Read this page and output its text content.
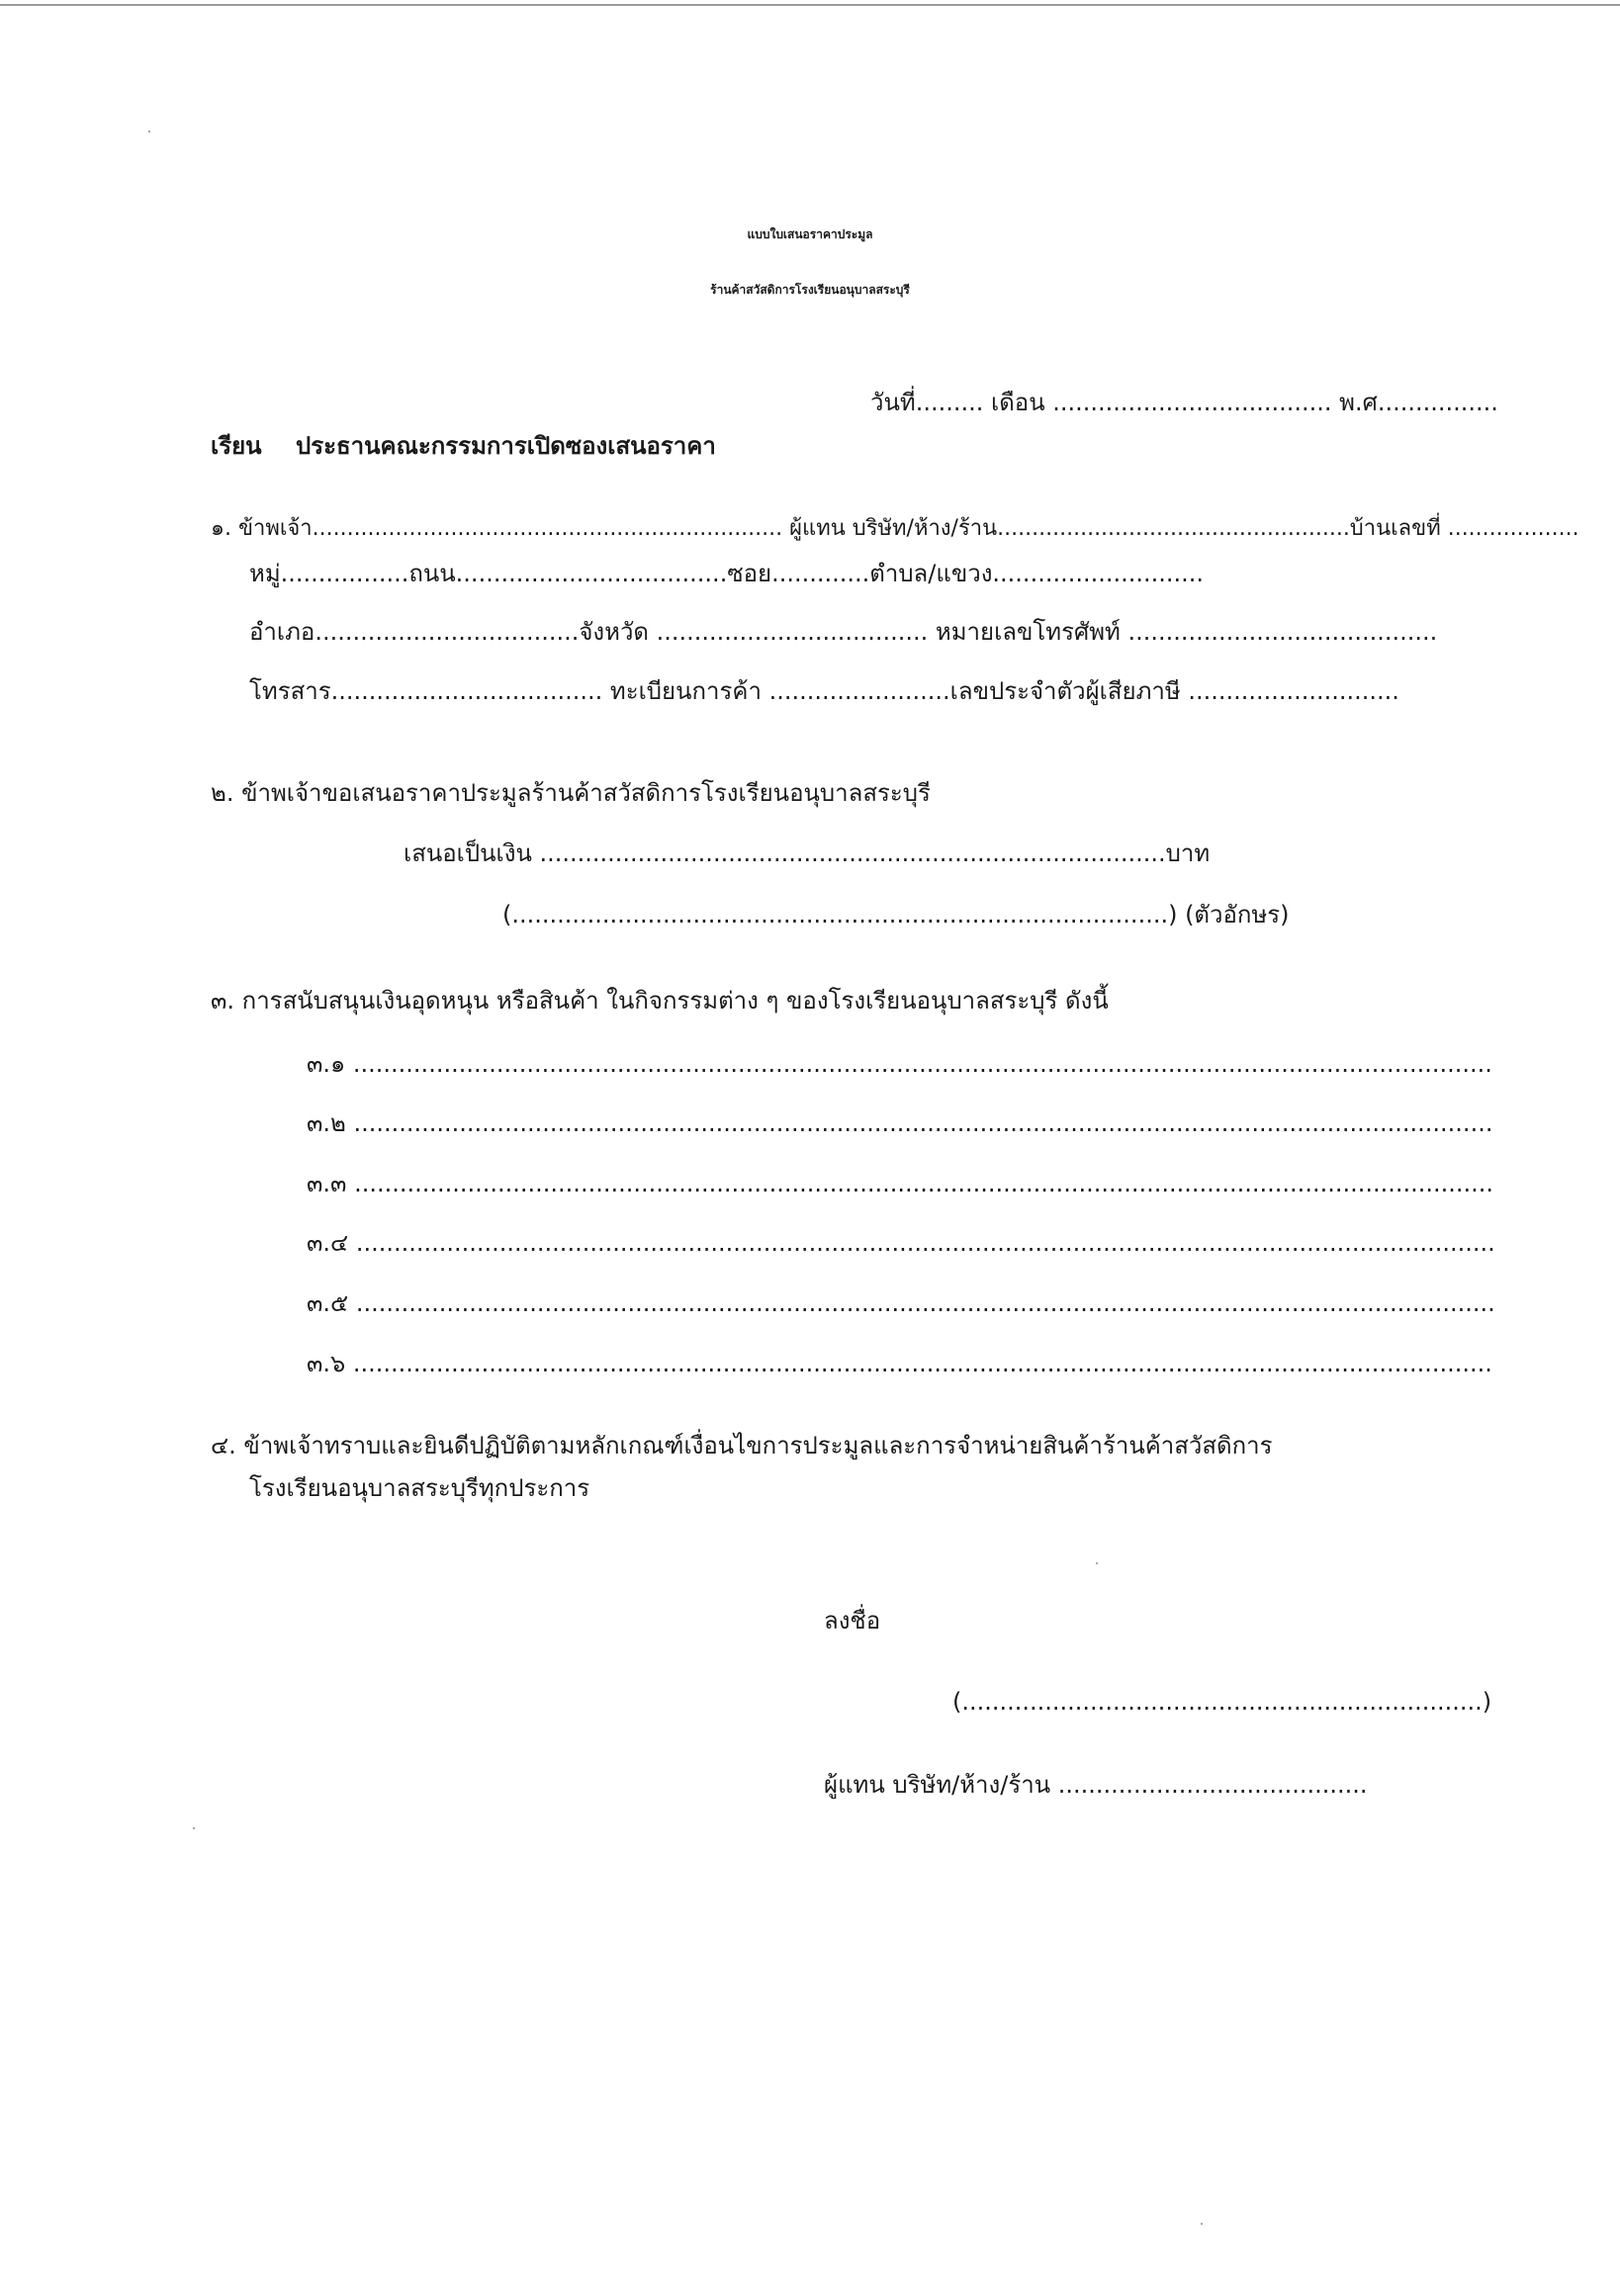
แบบใบเสนอราคาประมูล
ร้านค้าสวัสดิการโรงเรียนอนุบาลสระบุรี
วันที่......... เดือน ..................................... พ.ศ................
เรียน ประธานคณะกรรมการเปิดซองเสนอราคา
๑. ข้าพเจ้า.................................................................... ผู้แทน บริษัท/ห้าง/ร้าน...................................................บ้านเลขที่ ...................
หมู่.................ถนน....................................ซอย.............ตำบล/แขวง............................
อำเภอ...................................จังหวัด .................................... หมายเลขโทรศัพท์ .........................................
โทรสาร.................................... ทะเบียนการค้า ........................เลขประจำตัวผู้เสียภาษี ............................
๒. ข้าพเจ้าขอเสนอราคาประมูลร้านค้าสวัสดิการโรงเรียนอนุบาลสระบุรี
เสนอเป็นเงิน ...................................................................................บาท
(.......................................................................................) (ตัวอักษร)
๓. การสนับสนุนเงินอุดหนุน หรือสินค้า ในกิจกรรมต่าง ๆ ของโรงเรียนอนุบาลสระบุรี ดังนี้
๓.๑ .......................................................................................................................................................
๓.๒ .......................................................................................................................................................
๓.๓ .......................................................................................................................................................
๓.๔ .......................................................................................................................................................
๓.๕ .......................................................................................................................................................
๓.๖ .......................................................................................................................................................
๔. ข้าพเจ้าทราบและยินดีปฏิบัติตามหลักเกณฑ์เงื่อนไขการประมูลและการจำหน่ายสินค้าร้านค้าสวัสดิการ
โรงเรียนอนุบาลสระบุรีทุกประการ
ลงชื่อ
(.....................................................................)
ผู้แทน บริษัท/ห้าง/ร้าน .........................................
